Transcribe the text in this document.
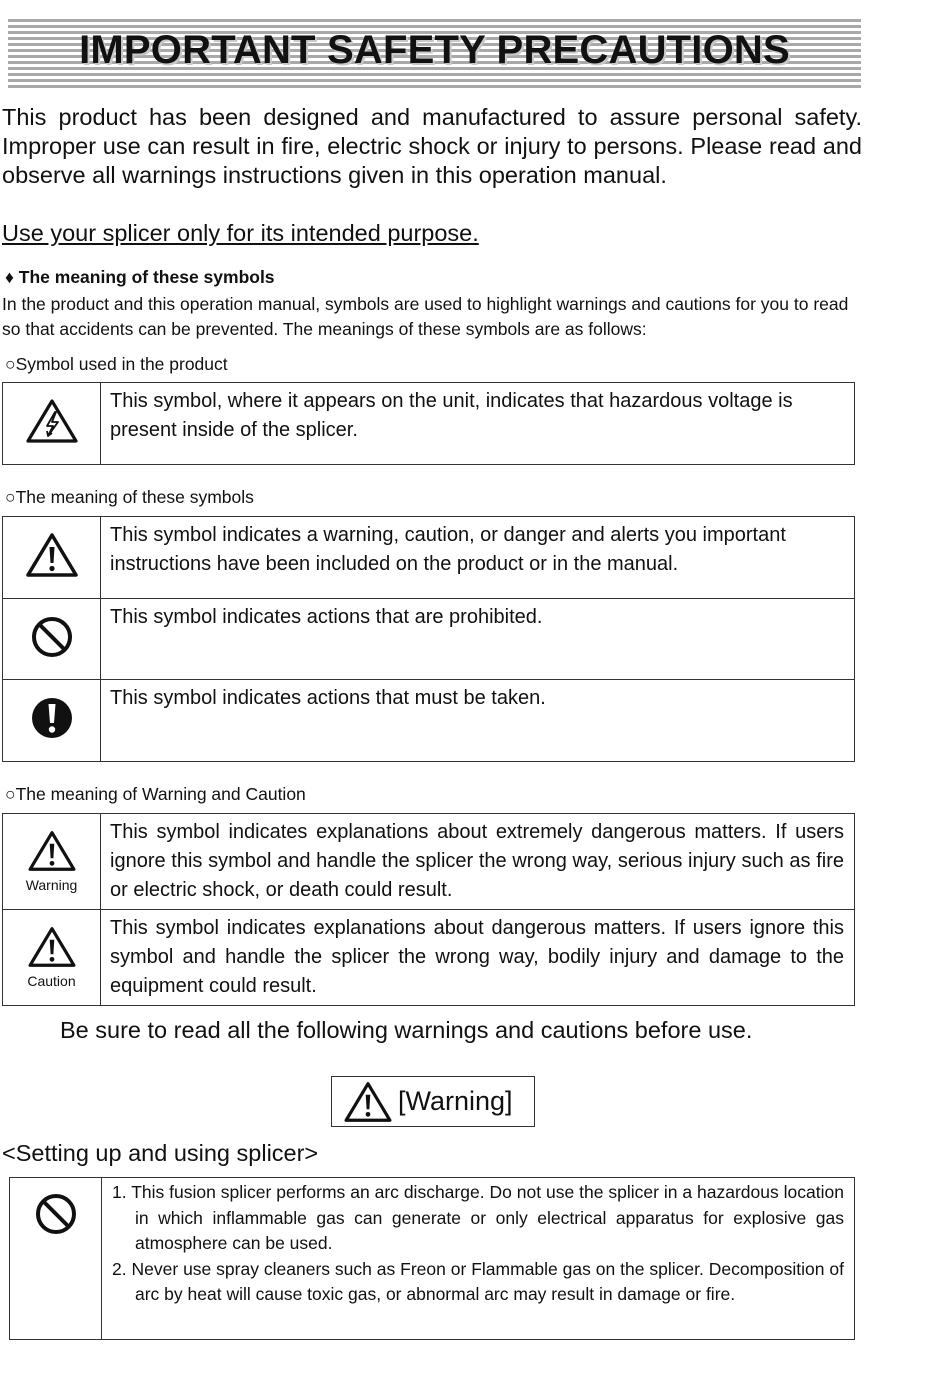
IMPORTANT SAFETY PRECAUTIONS

This product has been designed and manufactured to assure personal safety. Improper use can result in fire, electric shock or injury to persons. Please read and observe all warnings instructions given in this operation manual.

Use your splicer only for its intended purpose.

♦ The meaning of these symbols

In the product and this operation manual, symbols are used to highlight warnings and cautions for you to read so that accidents can be prevented. The meanings of these symbols are as follows:

○Symbol used in the product

	This symbol, where it appears on the unit, indicates that hazardous voltage is present inside of the splicer.

○The meaning of these symbols

	This symbol indicates a warning, caution, or danger and alerts you important instructions have been included on the product or in the manual.
	This symbol indicates actions that are prohibited.
	This symbol indicates actions that must be taken.

○The meaning of Warning and Caution

Warning	This symbol indicates explanations about extremely dangerous matters. If users ignore this symbol and handle the splicer the wrong way, serious injury such as fire or electric shock, or death could result.

Caution	This symbol indicates explanations about dangerous matters. If users ignore this symbol and handle the splicer the wrong way, bodily injury and damage to the equipment could result.

Be sure to read all the following warnings and cautions before use.

[Warning]

<Setting up and using splicer>

1. This fusion splicer performs an arc discharge. Do not use the splicer in a hazardous location in which inflammable gas can generate or only electrical apparatus for explosive gas atmosphere can be used.
2. Never use spray cleaners such as Freon or Flammable gas on the splicer. Decomposition of arc by heat will cause toxic gas, or abnormal arc may result in damage or fire.
